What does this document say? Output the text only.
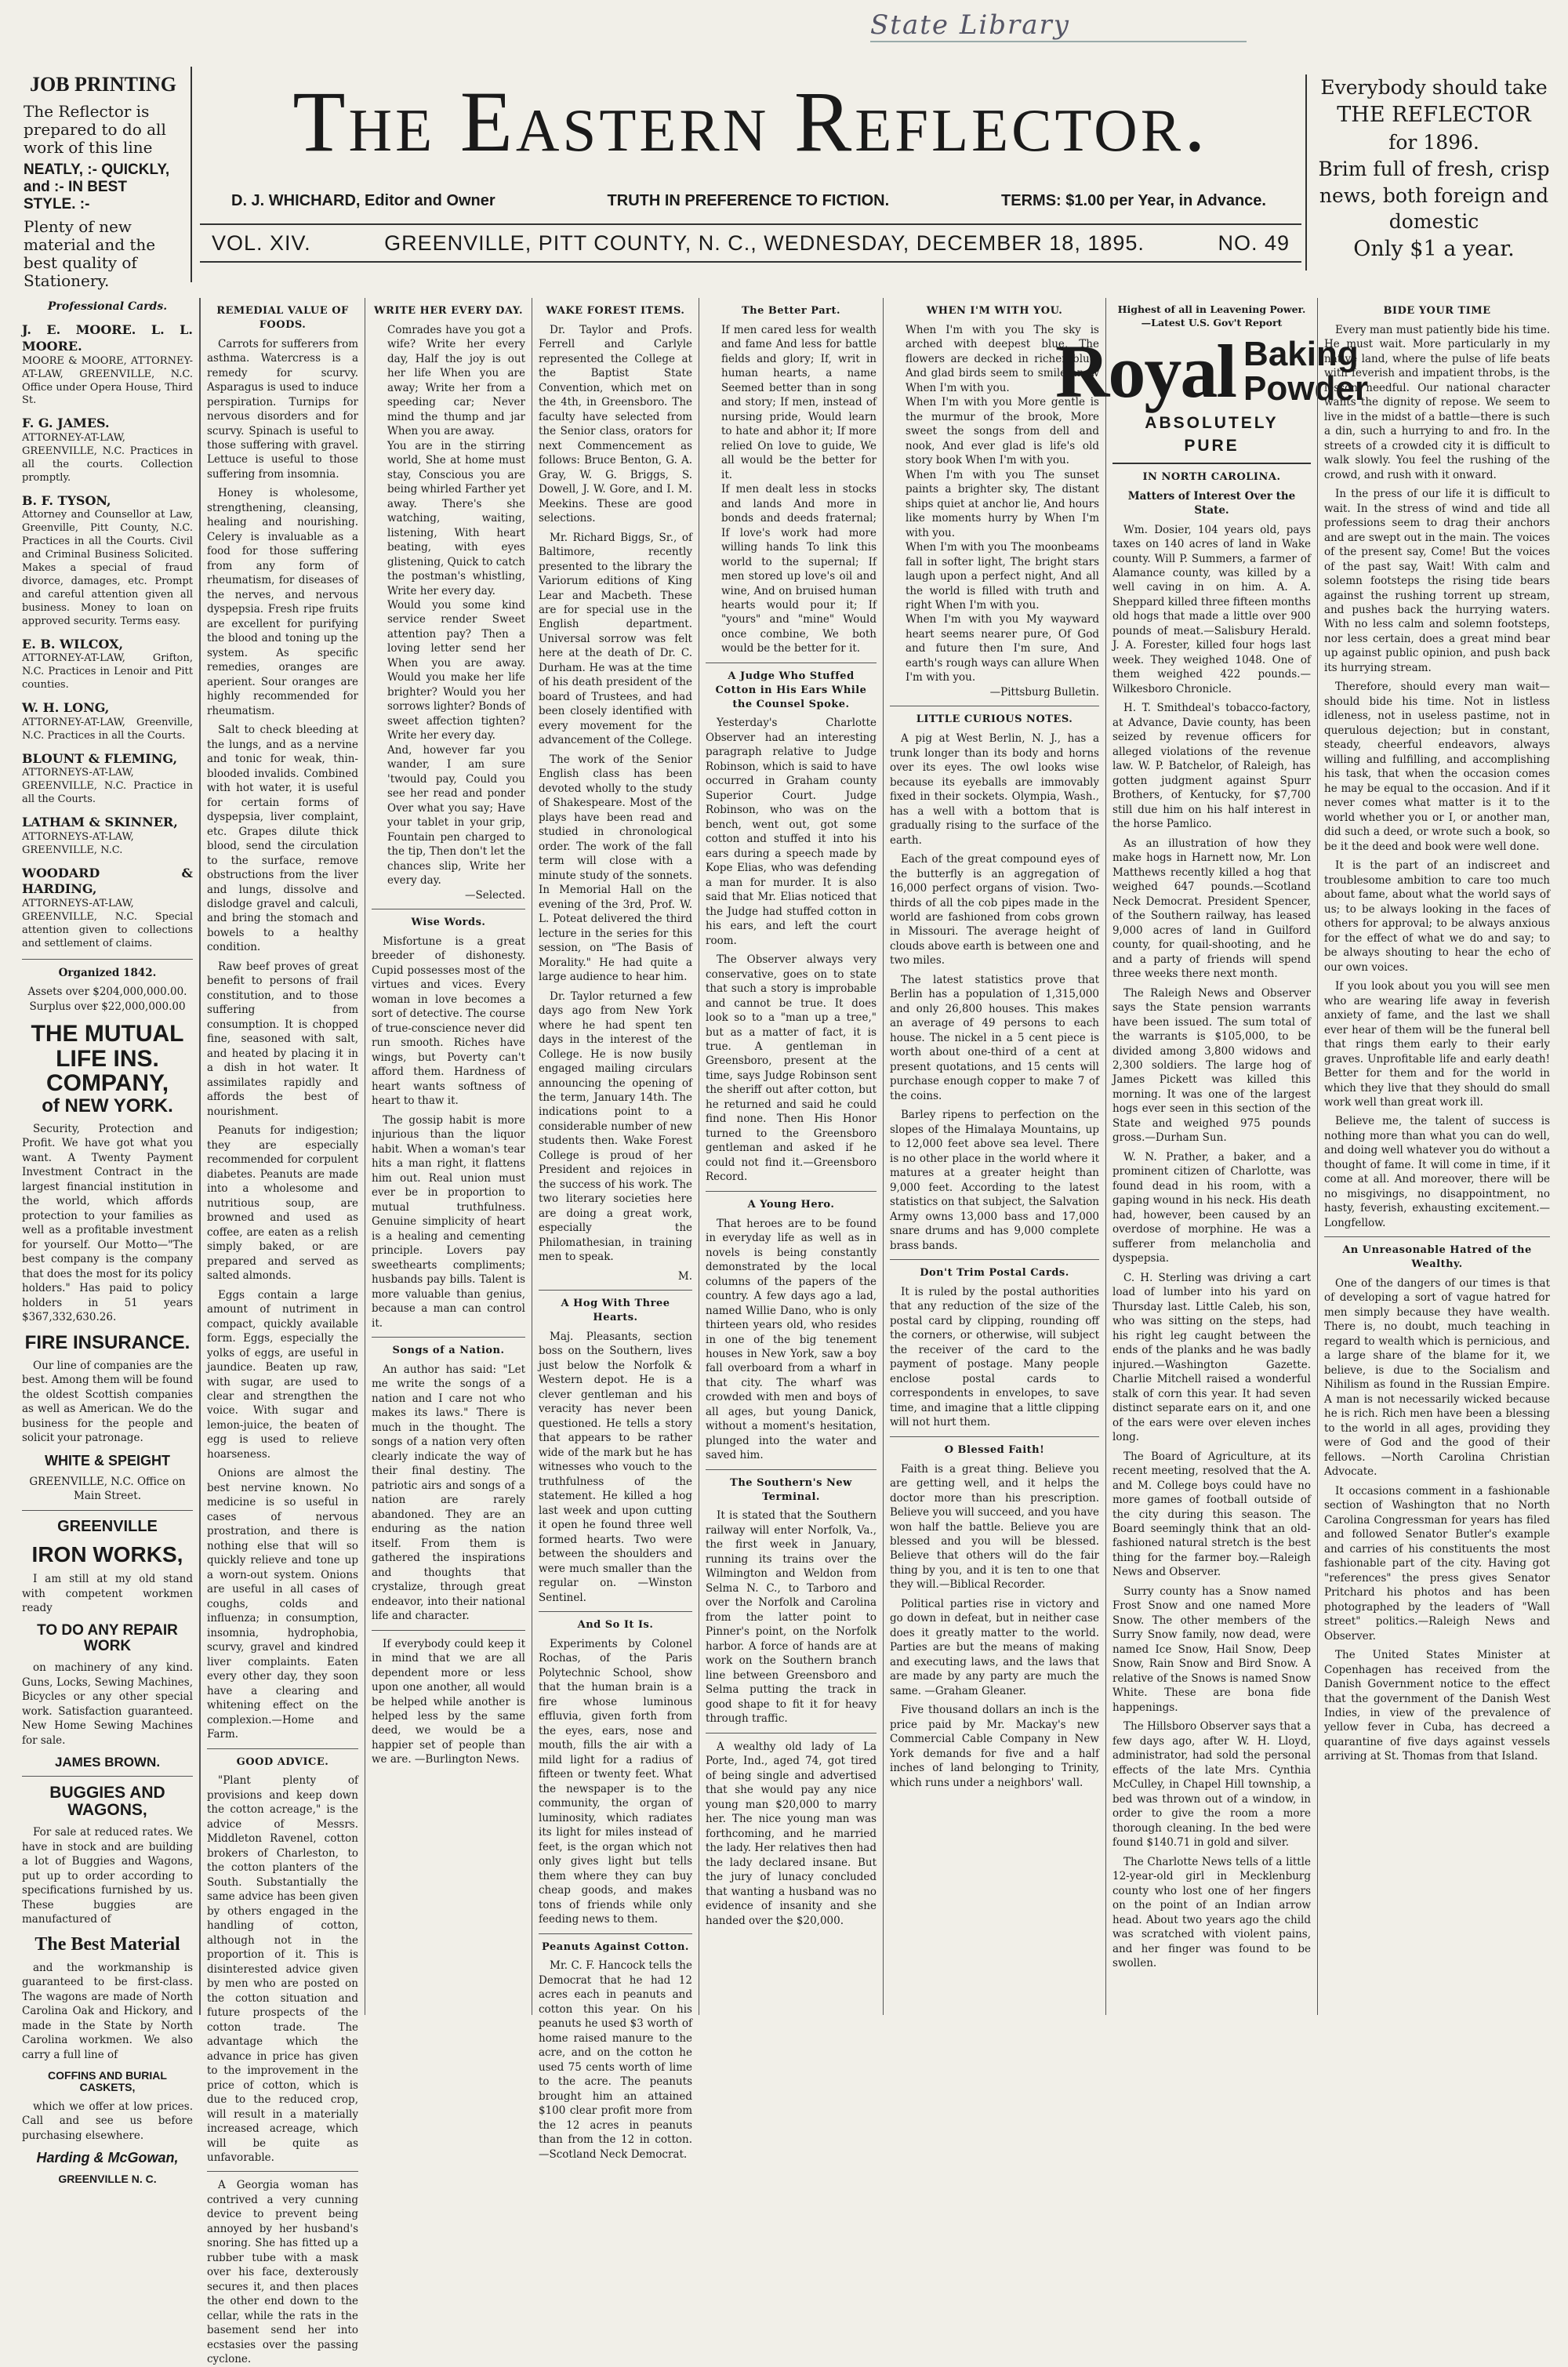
State Library
JOB PRINTING

The Reflector is prepared to do all work of this line

NEATLY, :- QUICKLY, and :- IN BEST STYLE. :-

Plenty of new material and the best quality of Stationery.

The Eastern Reflector.
D. J. WHICHARD, Editor and Owner	TRUTH IN PREFERENCE TO FICTION.	TERMS: $1.00 per Year, in Advance.
VOL. XIV.	GREENVILLE, PITT COUNTY, N. C., WEDNESDAY, DECEMBER 18, 1895.	NO. 49
Everybody should take
THE REFLECTOR
for 1896.
Brim full of fresh, crisp news, both foreign and domestic
Only $1 a year.
Professional Cards.
J. E. MOORE. L. L. MOORE.
MOORE & MOORE, ATTORNEY-AT-LAW, GREENVILLE, N.C. Office under Opera House, Third St.
F. G. JAMES.
ATTORNEY-AT-LAW, GREENVILLE, N.C. Practices in all the courts. Collection promptly.
B. F. TYSON,
Attorney and Counsellor at Law, Greenville, Pitt County, N.C. Practices in all the Courts. Civil and Criminal Business Solicited. Makes a special of fraud divorce, damages, etc. Prompt and careful attention given all business. Money to loan on approved security. Terms easy.
E. B. WILCOX,
ATTORNEY-AT-LAW, Grifton, N.C. Practices in Lenoir and Pitt counties.
W. H. LONG,
ATTORNEY-AT-LAW, Greenville, N.C. Practices in all the Courts.
BLOUNT & FLEMING,
ATTORNEYS-AT-LAW, GREENVILLE, N.C. Practice in all the Courts.
LATHAM & SKINNER,
ATTORNEYS-AT-LAW, GREENVILLE, N.C.
WOODARD & HARDING,
ATTORNEYS-AT-LAW, GREENVILLE, N.C. Special attention given to collections and settlement of claims.

Organized 1842.

Assets over $204,000,000.00. Surplus over $22,000,000.00

THE MUTUAL
LIFE INS.
COMPANY,
of NEW YORK.

Security, Protection and Profit. We have got what you want. A Twenty Payment Investment Contract in the largest financial institution in the world, which affords protection to your families as well as a profitable investment for yourself. Our Motto—"The best company is the company that does the most for its policy holders." Has paid to policy holders in 51 years $367,332,630.26.

FIRE INSURANCE.

Our line of companies are the best. Among them will be found the oldest Scottish companies as well as American. We do the business for the people and solicit your patronage.

WHITE & SPEIGHT

GREENVILLE, N.C. Office on Main Street.

GREENVILLE
IRON WORKS,

I am still at my old stand with competent workmen ready

TO DO ANY REPAIR WORK

on machinery of any kind. Guns, Locks, Sewing Machines, Bicycles or any other special work. Satisfaction guaranteed. New Home Sewing Machines for sale.

JAMES BROWN.
BUGGIES AND WAGONS,

For sale at reduced rates. We have in stock and are building a lot of Buggies and Wagons, put up to order according to specifications furnished by us. These buggies are manufactured of

The Best Material

and the workmanship is guaranteed to be first-class. The wagons are made of North Carolina Oak and Hickory, and made in the State by North Carolina workmen. We also carry a full line of

COFFINS AND BURIAL CASKETS,

which we offer at low prices. Call and see us before purchasing elsewhere.

Harding & McGowan,
GREENVILLE N. C.
REMEDIAL VALUE OF FOODS.

Carrots for sufferers from asthma. Watercress is a remedy for scurvy. Asparagus is used to induce perspiration. Turnips for nervous disorders and for scurvy. Spinach is useful to those suffering with gravel. Lettuce is useful to those suffering from insomnia.

Honey is wholesome, strengthening, cleansing, healing and nourishing. Celery is invaluable as a food for those suffering from any form of rheumatism, for diseases of the nerves, and nervous dyspepsia. Fresh ripe fruits are excellent for purifying the blood and toning up the system. As specific remedies, oranges are aperient. Sour oranges are highly recommended for rheumatism.

Salt to check bleeding at the lungs, and as a nervine and tonic for weak, thin-blooded invalids. Combined with hot water, it is useful for certain forms of dyspepsia, liver complaint, etc. Grapes dilute thick blood, send the circulation to the surface, remove obstructions from the liver and lungs, dissolve and dislodge gravel and calculi, and bring the stomach and bowels to a healthy condition.

Raw beef proves of great benefit to persons of frail constitution, and to those suffering from consumption. It is chopped fine, seasoned with salt, and heated by placing it in a dish in hot water. It assimilates rapidly and affords the best of nourishment.

Peanuts for indigestion; they are especially recommended for corpulent diabetes. Peanuts are made into a wholesome and nutritious soup, are browned and used as coffee, are eaten as a relish simply baked, or are prepared and served as salted almonds.

Eggs contain a large amount of nutriment in compact, quickly available form. Eggs, especially the yolks of eggs, are useful in jaundice. Beaten up raw, with sugar, are used to clear and strengthen the voice. With sugar and lemon-juice, the beaten of egg is used to relieve hoarseness.

Onions are almost the best nervine known. No medicine is so useful in cases of nervous prostration, and there is nothing else that will so quickly relieve and tone up a worn-out system. Onions are useful in all cases of coughs, colds and influenza; in consumption, insomnia, hydrophobia, scurvy, gravel and kindred liver complaints. Eaten every other day, they soon have a clearing and whitening effect on the complexion.—Home and Farm.

GOOD ADVICE.

"Plant plenty of provisions and keep down the cotton acreage," is the advice of Messrs. Middleton Ravenel, cotton brokers of Charleston, to the cotton planters of the South. Substantially the same advice has been given by others engaged in the handling of cotton, although not in the proportion of it. This is disinterested advice given by men who are posted on the cotton situation and future prospects of the cotton trade. The advantage which the advance in price has given to the improvement in the price of cotton, which is due to the reduced crop, will result in a materially increased acreage, which will be quite as unfavorable.

A Georgia woman has contrived a very cunning device to prevent being annoyed by her husband's snoring. She has fitted up a rubber tube with a mask over his face, dexterously secures it, and then places the other end down to the cellar, while the rats in the basement send her into ecstasies over the passing cyclone.

WRITE HER EVERY DAY.

Comrades have you got a wife? Write her every day, Half the joy is out her life When you are away; Write her from a speeding car; Never mind the thump and jar When you are away.

You are in the stirring world, She at home must stay, Conscious you are being whirled Farther yet away. There's she watching, waiting, listening, With heart beating, with eyes glistening, Quick to catch the postman's whistling, Write her every day.

Would you some kind service render Sweet attention pay? Then a loving letter send her When you are away. Would you make her life brighter? Would you her sorrows lighter? Bonds of sweet affection tighten? Write her every day.

And, however far you wander, I am sure 'twould pay, Could you see her read and ponder Over what you say; Have your tablet in your grip, Fountain pen charged to the tip, Then don't let the chances slip, Write her every day.

—Selected.

Wise Words.

Misfortune is a great breeder of dishonesty. Cupid possesses most of the virtues and vices. Every woman in love becomes a sort of detective. The course of true-conscience never did run smooth. Riches have wings, but Poverty can't afford them. Hardness of heart wants softness of heart to thaw it.

The gossip habit is more injurious than the liquor habit. When a woman's tear hits a man right, it flattens him out. Real union must ever be in proportion to mutual truthfulness. Genuine simplicity of heart is a healing and cementing principle. Lovers pay sweethearts compliments; husbands pay bills. Talent is more valuable than genius, because a man can control it.

Songs of a Nation.

An author has said: "Let me write the songs of a nation and I care not who makes its laws." There is much in the thought. The songs of a nation very often clearly indicate the way of their final destiny. The patriotic airs and songs of a nation are rarely abandoned. They are an enduring as the nation itself. From them is gathered the inspirations and thoughts that crystalize, through great endeavor, into their national life and character.

If everybody could keep it in mind that we are all dependent more or less upon one another, all would be helped while another is helped less by the same deed, we would be a happier set of people than we are. —Burlington News.

WAKE FOREST ITEMS.

Dr. Taylor and Profs. Ferrell and Carlyle represented the College at the Baptist State Convention, which met on the 4th, in Greensboro. The faculty have selected from the Senior class, orators for next Commencement as follows: Bruce Benton, G. A. Gray, W. G. Briggs, S. Dowell, J. W. Gore, and I. M. Meekins. These are good selections.

Mr. Richard Biggs, Sr., of Baltimore, recently presented to the library the Variorum editions of King Lear and Macbeth. These are for special use in the English department. Universal sorrow was felt here at the death of Dr. C. Durham. He was at the time of his death president of the board of Trustees, and had been closely identified with every movement for the advancement of the College.

The work of the Senior English class has been devoted wholly to the study of Shakespeare. Most of the plays have been read and studied in chronological order. The work of the fall term will close with a minute study of the sonnets. In Memorial Hall on the evening of the 3rd, Prof. W. L. Poteat delivered the third lecture in the series for this session, on "The Basis of Morality." He had quite a large audience to hear him.

Dr. Taylor returned a few days ago from New York where he had spent ten days in the interest of the College. He is now busily engaged mailing circulars announcing the opening of the term, January 14th. The indications point to a considerable number of new students then. Wake Forest College is proud of her President and rejoices in the success of his work. The two literary societies here are doing a great work, especially the Philomathesian, in training men to speak.

M.

A Hog With Three Hearts.

Maj. Pleasants, section boss on the Southern, lives just below the Norfolk & Western depot. He is a clever gentleman and his veracity has never been questioned. He tells a story that appears to be rather wide of the mark but he has witnesses who vouch to the truthfulness of the statement. He killed a hog last week and upon cutting it open he found three well formed hearts. Two were between the shoulders and were much smaller than the regular on. —Winston Sentinel.

And So It Is.

Experiments by Colonel Rochas, of the Paris Polytechnic School, show that the human brain is a fire whose luminous effluvia, given forth from the eyes, ears, nose and mouth, fills the air with a mild light for a radius of fifteen or twenty feet. What the newspaper is to the community, the organ of luminosity, which radiates its light for miles instead of feet, is the organ which not only gives light but tells them where they can buy cheap goods, and makes tons of friends while only feeding news to them.

Peanuts Against Cotton.

Mr. C. F. Hancock tells the Democrat that he had 12 acres each in peanuts and cotton this year. On his peanuts he used $3 worth of home raised manure to the acre, and on the cotton he used 75 cents worth of lime to the acre. The peanuts brought him an attained $100 clear profit more from the 12 acres in peanuts than from the 12 in cotton. —Scotland Neck Democrat.

The Better Part.

If men cared less for wealth and fame And less for battle fields and glory; If, writ in human hearts, a name Seemed better than in song and story; If men, instead of nursing pride, Would learn to hate and abhor it; If more relied On love to guide, We all would be the better for it.

If men dealt less in stocks and lands And more in bonds and deeds fraternal; If love's work had more willing hands To link this world to the supernal; If men stored up love's oil and wine, And on bruised human hearts would pour it; If "yours" and "mine" Would once combine, We both would be the better for it.

A Judge Who Stuffed Cotton in His Ears While the Counsel Spoke.

Yesterday's Charlotte Observer had an interesting paragraph relative to Judge Robinson, which is said to have occurred in Graham county Superior Court. Judge Robinson, who was on the bench, went out, got some cotton and stuffed it into his ears during a speech made by Kope Elias, who was defending a man for murder. It is also said that Mr. Elias noticed that the Judge had stuffed cotton in his ears, and left the court room.

The Observer always very conservative, goes on to state that such a story is improbable and cannot be true. It does look so to a "man up a tree," but as a matter of fact, it is true. A gentleman in Greensboro, present at the time, says Judge Robinson sent the sheriff out after cotton, but he returned and said he could find none. Then His Honor turned to the Greensboro gentleman and asked if he could not find it.—Greensboro Record.

A Young Hero.

That heroes are to be found in everyday life as well as in novels is being constantly demonstrated by the local columns of the papers of the country. A few days ago a lad, named Willie Dano, who is only thirteen years old, who resides in one of the big tenement houses in New York, saw a boy fall overboard from a wharf in that city. The wharf was crowded with men and boys of all ages, but young Danick, without a moment's hesitation, plunged into the water and saved him.

The Southern's New Terminal.

It is stated that the Southern railway will enter Norfolk, Va., the first week in January, running its trains over the Wilmington and Weldon from Selma N. C., to Tarboro and over the Norfolk and Carolina from the latter point to Pinner's point, on the Norfolk harbor. A force of hands are at work on the Southern branch line between Greensboro and Selma putting the track in good shape to fit it for heavy through traffic.

A wealthy old lady of La Porte, Ind., aged 74, got tired of being single and advertised that she would pay any nice young man $20,000 to marry her. The nice young man was forthcoming, and he married the lady. Her relatives then had the lady declared insane. But the jury of lunacy concluded that wanting a husband was no evidence of insanity and she handed over the $20,000.

WHEN I'M WITH YOU.

When I'm with you The sky is arched with deepest blue, The flowers are decked in richer blue, And glad birds seem to smile anew When I'm with you.

When I'm with you More gentle is the murmur of the brook, More sweet the songs from dell and nook, And ever glad is life's old story book When I'm with you.

When I'm with you The sunset paints a brighter sky, The distant ships quiet at anchor lie, And hours like moments hurry by When I'm with you.

When I'm with you The moonbeams fall in softer light, The bright stars laugh upon a perfect night, And all the world is filled with truth and right When I'm with you.

When I'm with you My wayward heart seems nearer pure, Of God and future then I'm sure, And earth's rough ways can allure When I'm with you.

—Pittsburg Bulletin.

LITTLE CURIOUS NOTES.

A pig at West Berlin, N. J., has a trunk longer than its body and horns over its eyes. The owl looks wise because its eyeballs are immovably fixed in their sockets. Olympia, Wash., has a well with a bottom that is gradually rising to the surface of the earth.

Each of the great compound eyes of the butterfly is an aggregation of 16,000 perfect organs of vision. Two-thirds of all the cob pipes made in the world are fashioned from cobs grown in Missouri. The average height of clouds above earth is between one and two miles.

The latest statistics prove that Berlin has a population of 1,315,000 and only 26,800 houses. This makes an average of 49 persons to each house. The nickel in a 5 cent piece is worth about one-third of a cent at present quotations, and 15 cents will purchase enough copper to make 7 of the coins.

Barley ripens to perfection on the slopes of the Himalaya Mountains, up to 12,000 feet above sea level. There is no other place in the world where it matures at a greater height than 9,000 feet. According to the latest statistics on that subject, the Salvation Army owns 13,000 bass and 17,000 snare drums and has 9,000 complete brass bands.

Don't Trim Postal Cards.

It is ruled by the postal authorities that any reduction of the size of the postal card by clipping, rounding off the corners, or otherwise, will subject the receiver of the card to the payment of postage. Many people enclose postal cards to correspondents in envelopes, to save time, and imagine that a little clipping will not hurt them.

O Blessed Faith!

Faith is a great thing. Believe you are getting well, and it helps the doctor more than his prescription. Believe you will succeed, and you have won half the battle. Believe you are blessed and you will be blessed. Believe that others will do the fair thing by you, and it is ten to one that they will.—Biblical Recorder.

Political parties rise in victory and go down in defeat, but in neither case does it greatly matter to the world. Parties are but the means of making and executing laws, and the laws that are made by any party are much the same. —Graham Gleaner.

Five thousand dollars an inch is the price paid by Mr. Mackay's new Commercial Cable Company in New York demands for five and a half inches of land belonging to Trinity, which runs under a neighbors' wall.

Highest of all in Leavening Power.—Latest U.S. Gov't Report
Royal Baking
Powder
ABSOLUTELY PURE
IN NORTH CAROLINA.

Matters of Interest Over the State.

Wm. Dosier, 104 years old, pays taxes on 140 acres of land in Wake county. Will P. Summers, a farmer of Alamance county, was killed by a well caving in on him. A. A. Sheppard killed three fifteen months old hogs that made a little over 900 pounds of meat.—Salisbury Herald. J. A. Forester, killed four hogs last week. They weighed 1048. One of them weighed 422 pounds.—Wilkesboro Chronicle.

H. T. Smithdeal's tobacco-factory, at Advance, Davie county, has been seized by revenue officers for alleged violations of the revenue law. W. P. Batchelor, of Raleigh, has gotten judgment against Spurr Brothers, of Kentucky, for $7,700 still due him on his half interest in the horse Pamlico.

As an illustration of how they make hogs in Harnett now, Mr. Lon Matthews recently killed a hog that weighed 647 pounds.—Scotland Neck Democrat. President Spencer, of the Southern railway, has leased 9,000 acres of land in Guilford county, for quail-shooting, and he and a party of friends will spend three weeks there next month.

The Raleigh News and Observer says the State pension warrants have been issued. The sum total of the warrants is $105,000, to be divided among 3,800 widows and 2,300 soldiers. The large hog of James Pickett was killed this morning. It was one of the largest hogs ever seen in this section of the State and weighed 975 pounds gross.—Durham Sun.

W. N. Prather, a baker, and a prominent citizen of Charlotte, was found dead in his room, with a gaping wound in his neck. His death had, however, been caused by an overdose of morphine. He was a sufferer from melancholia and dyspepsia.

C. H. Sterling was driving a cart load of lumber into his yard on Thursday last. Little Caleb, his son, who was sitting on the steps, had his right leg caught between the ends of the planks and he was badly injured.—Washington Gazette. Charlie Mitchell raised a wonderful stalk of corn this year. It had seven distinct separate ears on it, and one of the ears were over eleven inches long.

The Board of Agriculture, at its recent meeting, resolved that the A. and M. College boys could have no more games of football outside of the city during this season. The Board seemingly think that an old-fashioned natural stretch is the best thing for the farmer boy.—Raleigh News and Observer.

Surry county has a Snow named Frost Snow and one named More Snow. The other members of the Surry Snow family, now dead, were named Ice Snow, Hail Snow, Deep Snow, Rain Snow and Bird Snow. A relative of the Snows is named Snow White. These are bona fide happenings.

The Hillsboro Observer says that a few days ago, after W. H. Lloyd, administrator, had sold the personal effects of the late Mrs. Cynthia McCulley, in Chapel Hill township, a bed was thrown out of a window, in order to give the room a more thorough cleaning. In the bed were found $140.71 in gold and silver.

The Charlotte News tells of a little 12-year-old girl in Mecklenburg county who lost one of her fingers on the point of an Indian arrow head. About two years ago the child was scratched with violent pains, and her finger was found to be swollen.

BIDE YOUR TIME

Every man must patiently bide his time. He must wait. More particularly in my native land, where the pulse of life beats with feverish and impatient throbs, is the lesson needful. Our national character wants the dignity of repose. We seem to live in the midst of a battle—there is such a din, such a hurrying to and fro. In the streets of a crowded city it is difficult to walk slowly. You feel the rushing of the crowd, and rush with it onward.

In the press of our life it is difficult to wait. In the stress of wind and tide all professions seem to drag their anchors and are swept out in the main. The voices of the present say, Come! But the voices of the past say, Wait! With calm and solemn footsteps the rising tide bears against the rushing torrent up stream, and pushes back the hurrying waters. With no less calm and solemn footsteps, nor less certain, does a great mind bear up against public opinion, and push back its hurrying stream.

Therefore, should every man wait—should bide his time. Not in listless idleness, not in useless pastime, not in querulous dejection; but in constant, steady, cheerful endeavors, always willing and fulfilling, and accomplishing his task, that when the occasion comes he may be equal to the occasion. And if it never comes what matter is it to the world whether you or I, or another man, did such a deed, or wrote such a book, so be it the deed and book were well done.

It is the part of an indiscreet and troublesome ambition to care too much about fame, about what the world says of us; to be always looking in the faces of others for approval; to be always anxious for the effect of what we do and say; to be always shouting to hear the echo of our own voices.

If you look about you you will see men who are wearing life away in feverish anxiety of fame, and the last we shall ever hear of them will be the funeral bell that rings them early to their early graves. Unprofitable life and early death! Better for them and for the world in which they live that they should do small work well than great work ill.

Believe me, the talent of success is nothing more than what you can do well, and doing well whatever you do without a thought of fame. It will come in time, if it come at all. And moreover, there will be no misgivings, no disappointment, no hasty, feverish, exhausting excitement.—Longfellow.

An Unreasonable Hatred of the Wealthy.

One of the dangers of our times is that of developing a sort of vague hatred for men simply because they have wealth. There is, no doubt, much teaching in regard to wealth which is pernicious, and a large share of the blame for it, we believe, is due to the Socialism and Nihilism as found in the Russian Empire. A man is not necessarily wicked because he is rich. Rich men have been a blessing to the world in all ages, providing they were of God and the good of their fellows. —North Carolina Christian Advocate.

It occasions comment in a fashionable section of Washington that no North Carolina Congressman for years has filed and followed Senator Butler's example and carries of his constituents the most fashionable part of the city. Having got "references" the press gives Senator Pritchard his photos and has been photographed by the leaders of "Wall street" politics.—Raleigh News and Observer.

The United States Minister at Copenhagen has received from the Danish Government notice to the effect that the government of the Danish West Indies, in view of the prevalence of yellow fever in Cuba, has decreed a quarantine of five days against vessels arriving at St. Thomas from that Island.
